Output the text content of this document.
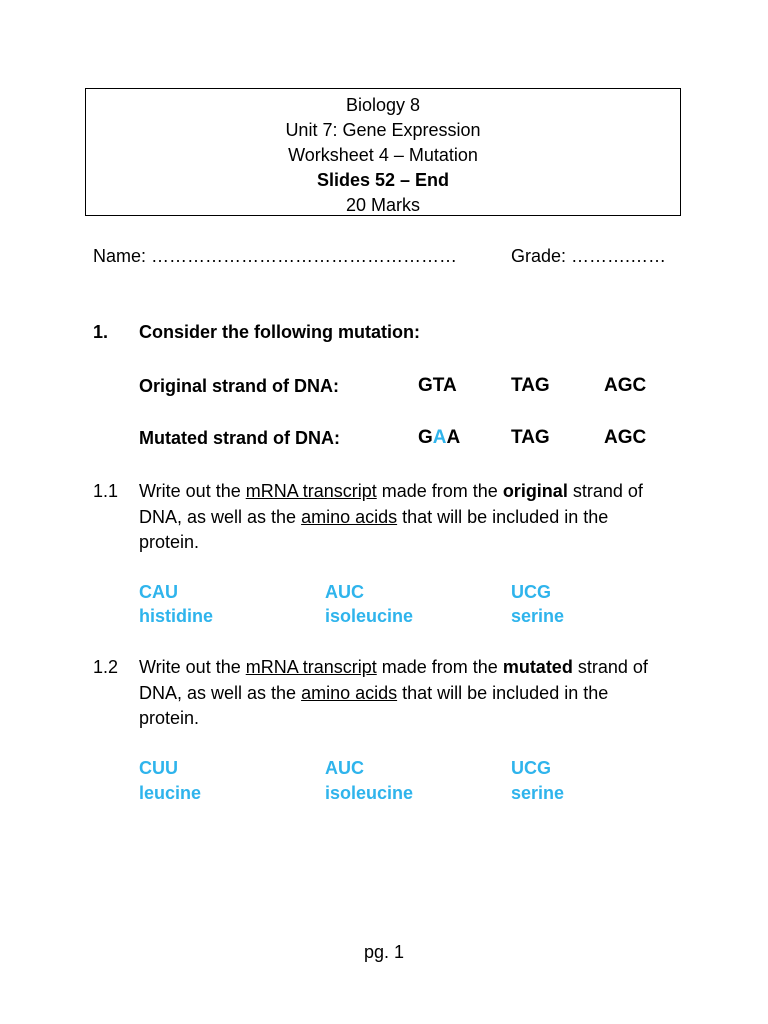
Biology 8
Unit 7: Gene Expression
Worksheet 4 – Mutation
Slides 52 – End
20 Marks
Name: ……………………………………………	Grade: ……….……
1. Consider the following mutation:
Original strand of DNA:	GTA	TAG	AGC
Mutated strand of DNA:	GAA	TAG	AGC
1.1 Write out the mRNA transcript made from the original strand of DNA, as well as the amino acids that will be included in the protein.
CAU	AUC	UCG
histidine	isoleucine	serine
1.2 Write out the mRNA transcript made from the mutated strand of DNA, as well as the amino acids that will be included in the protein.
CUU	AUC	UCG
leucine	isoleucine	serine
pg. 1
